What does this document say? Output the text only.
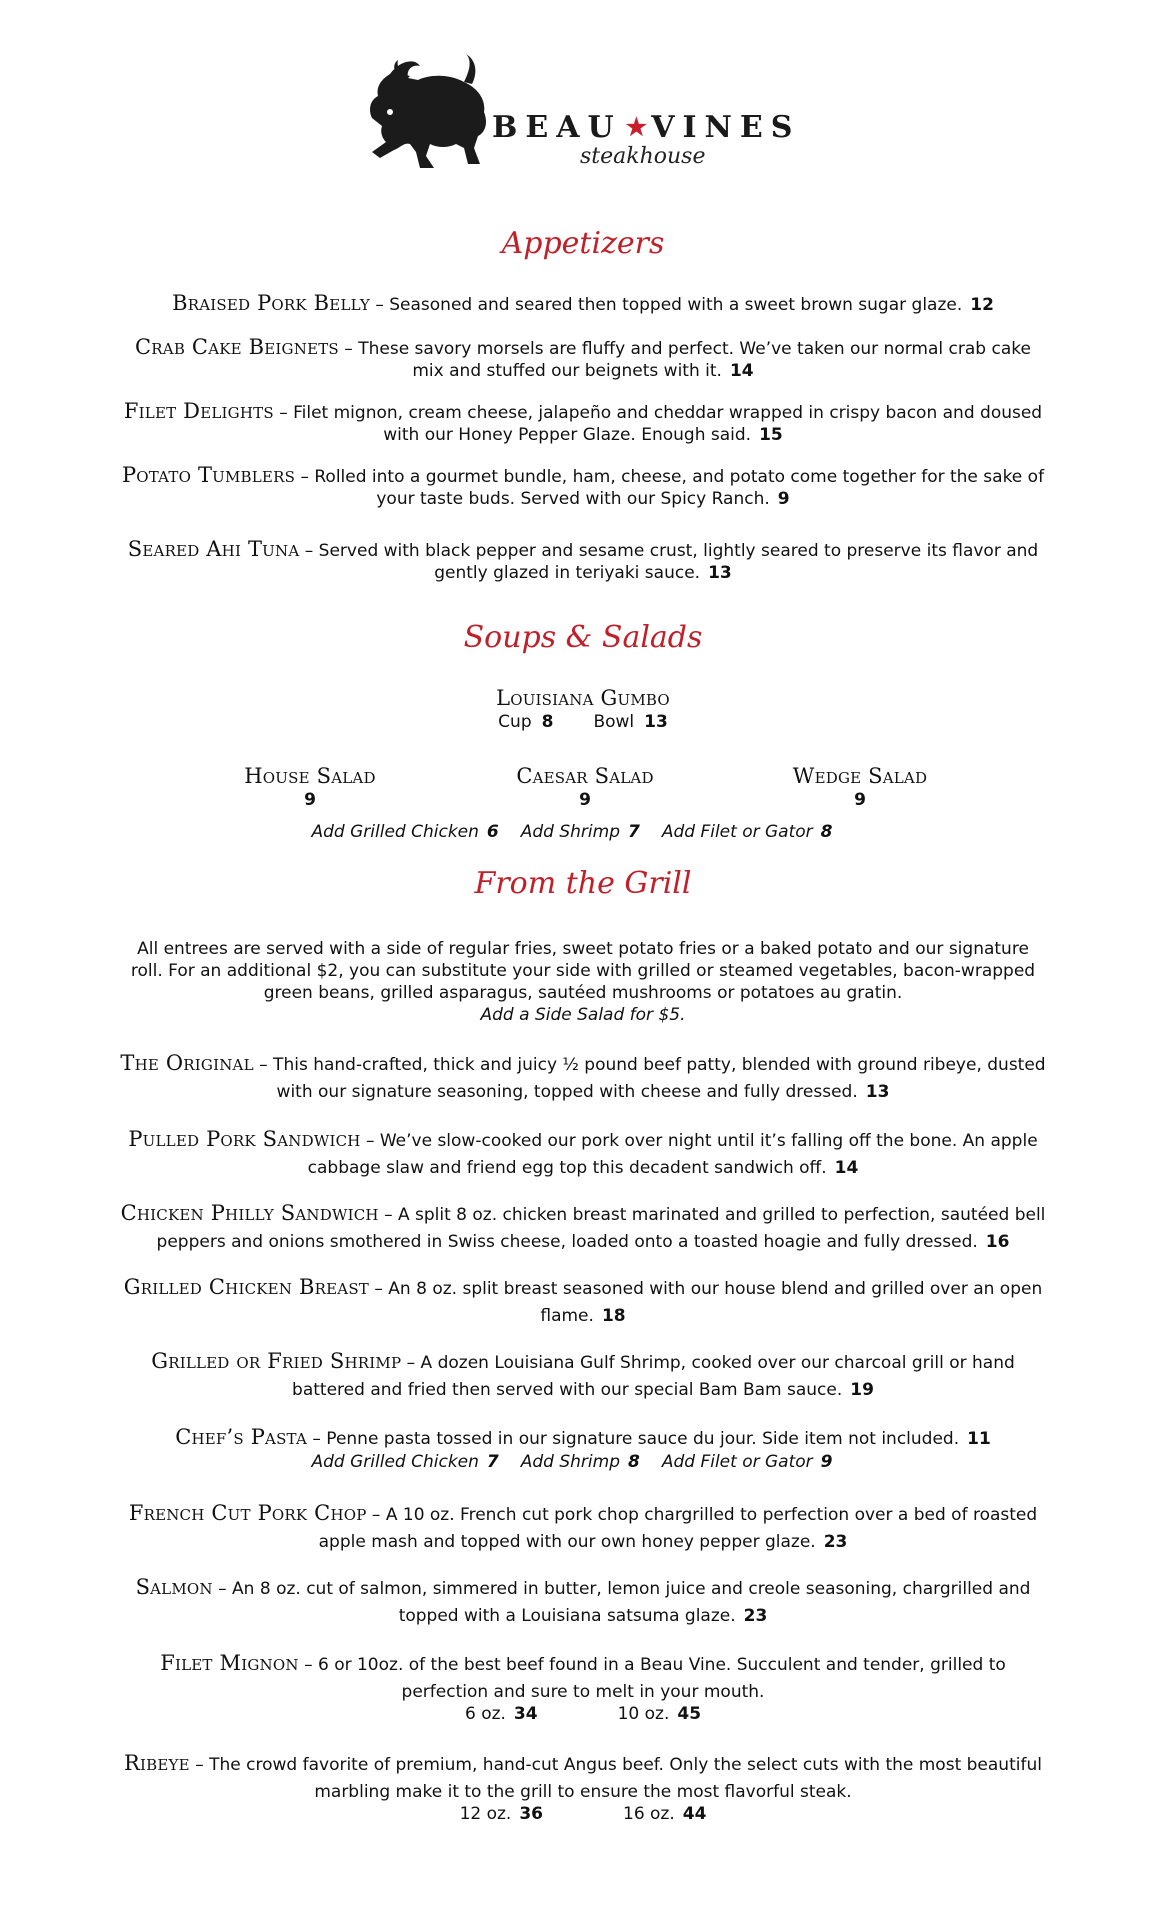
BEAU ★ VINES
steakhouse
Appetizers
Braised Pork Belly – Seasoned and seared then topped with a sweet brown sugar glaze. 12
Crab Cake Beignets – These savory morsels are fluffy and perfect. We’ve taken our normal crab cake mix and stuffed our beignets with it. 14
Filet Delights – Filet mignon, cream cheese, jalapeño and cheddar wrapped in crispy bacon and doused with our Honey Pepper Glaze. Enough said. 15
Potato Tumblers – Rolled into a gourmet bundle, ham, cheese, and potato come together for the sake of your taste buds. Served with our Spicy Ranch. 9
Seared Ahi Tuna – Served with black pepper and sesame crust, lightly seared to preserve its flavor and gently glazed in teriyaki sauce. 13
Soups & Salads
Louisiana Gumbo
Cup 8 Bowl 13
House Salad
9
Caesar Salad
9
Wedge Salad
9
Add Grilled Chicken 6 Add Shrimp 7 Add Filet or Gator 8
From the Grill
All entrees are served with a side of regular fries, sweet potato fries or a baked potato and our signature roll. For an additional $2, you can substitute your side with grilled or steamed vegetables, bacon-wrapped green beans, grilled asparagus, sautéed mushrooms or potatoes au gratin.
Add a Side Salad for $5.
The Original – This hand-crafted, thick and juicy ½ pound beef patty, blended with ground ribeye, dusted with our signature seasoning, topped with cheese and fully dressed. 13
Pulled Pork Sandwich – We’ve slow-cooked our pork over night until it’s falling off the bone. An apple cabbage slaw and friend egg top this decadent sandwich off. 14
Chicken Philly Sandwich – A split 8 oz. chicken breast marinated and grilled to perfection, sautéed bell peppers and onions smothered in Swiss cheese, loaded onto a toasted hoagie and fully dressed. 16
Grilled Chicken Breast – An 8 oz. split breast seasoned with our house blend and grilled over an open flame. 18
Grilled or Fried Shrimp – A dozen Louisiana Gulf Shrimp, cooked over our charcoal grill or hand battered and fried then served with our special Bam Bam sauce. 19
Chef’s Pasta – Penne pasta tossed in our signature sauce du jour. Side item not included. 11
Add Grilled Chicken 7 Add Shrimp 8 Add Filet or Gator 9
French Cut Pork Chop – A 10 oz. French cut pork chop chargrilled to perfection over a bed of roasted apple mash and topped with our own honey pepper glaze. 23
Salmon – An 8 oz. cut of salmon, simmered in butter, lemon juice and creole seasoning, chargrilled and topped with a Louisiana satsuma glaze. 23
Filet Mignon – 6 or 10oz. of the best beef found in a Beau Vine. Succulent and tender, grilled to perfection and sure to melt in your mouth.
6 oz. 34	10 oz. 45
Ribeye – The crowd favorite of premium, hand-cut Angus beef. Only the select cuts with the most beautiful marbling make it to the grill to ensure the most flavorful steak.
12 oz. 36	16 oz. 44
